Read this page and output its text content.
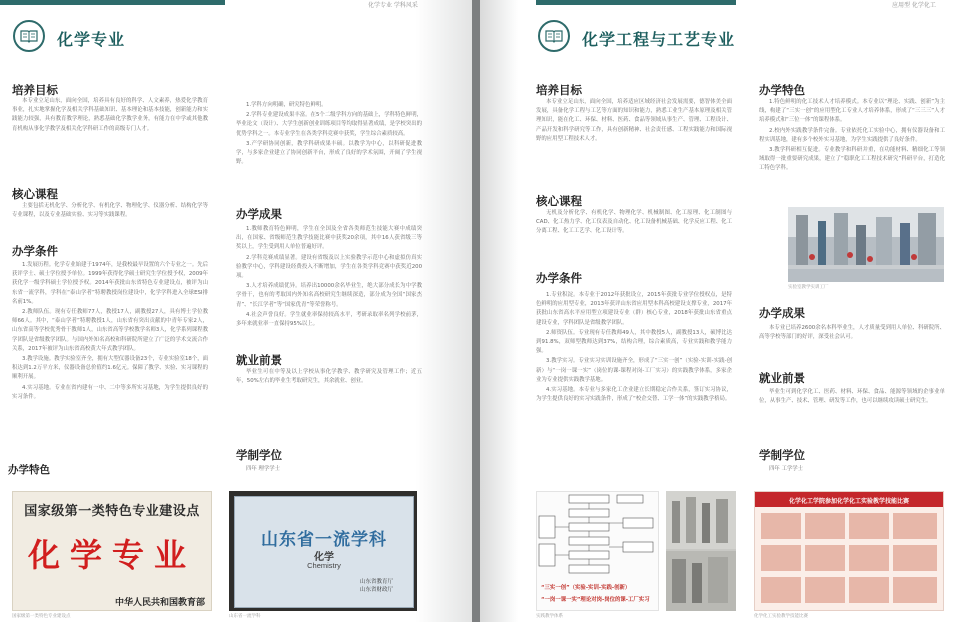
化学专业 学科风采
化学专业
培养目标

本专业立足山东，面向全国，培养具有良好的科学、人文素养，热爱化学教育事业，扎实地掌握化学及相关学科基础知识、基本理论和基本技能，创新能力和实践能力较强，具有教育教学理论，熟悉基础化学教学业务，有能力在中学或其他教育机构从事化学教学及相关化学科研工作的高级专门人才。

核心课程

主要包括无机化学、分析化学、有机化学、物理化学、仪器分析、结构化学等专业课程，以及专业基础实验、实习等实践课程。

办学条件

1.发展历程。化学专业始建于1974年，是我校最早设置的六个专业之一。先后获评学士、硕士学位授予单位。1999年获得化学硕士研究生学位授予权，2009年获化学一级学科硕士学位授予权。2014年获批山东省特色专业建设点，被评为山东省一流学科，学科在“泰山学者”特聘教授岗位建设中，化学学科进入全球ESI排名前1%。

2.教师队伍。现有专任教师77人，教授17人，副教授27人，具有博士学位教师66人。其中，“泰山学者”特聘教授1人，山东省有突出贡献的中青年专家2人，山东省高等学校优秀骨干教师1人，山东省高等学校教学名师3人，化学系列课程教学团队是省级教学团队。与国内外知名高校和科研院所建立了广泛的学术交流合作关系，2017年被评为山东省高校黄大年式教学团队。

3.教学设施。教学实验室齐全，拥有大型仪器设备23个，专业实验室18个，面积达到1.2万平方米，仪器设备总价值约1.6亿元。保障了教学、实验、实习课程的顺利开展。

4.实习基地。专业在省内建有一中、二中等多所实习基地，为学生提供良好的实习条件。

1.学科方向明确，研究特色鲜明。

2.学科专业建设成果丰富。在5个二级学科方向的基础上，学科特色鲜明，毕业论文（设计）、大学生创新创业训练项目等均取得显著成绩，是学校突出的优势学科之一。本专业学生在各类学科竞赛中获奖，学生综合素质较高。

3.产学研协同创新，教学科研成果丰硕。以教学为中心，以科研促进教学，与多家企业建立了协同创新平台，形成了良好的学术氛围，开阔了学生视野。

办学成果

1.教师教育特色鲜明，学生在全国及全省各类师范生技能大赛中成绩突出，在国家、省级师范生教学技能比赛中获奖20余项，其中16人获省级三等奖以上，学生受到用人单位普遍好评。

2.学科竞赛成绩显著。建设有省级及以上实验教学示范中心和虚拟仿真实验教学中心，学科建设经费投入不断增加，学生在各类学科竞赛中获奖近200项。

3.人才培养成绩优异。培养出10000余名毕业生，绝大部分成长为中学教学骨干，也有的考取国内外知名高校研究生继续深造，部分成为全国“国家杰青”、“长江学者”等“国家优青”等荣誉称号。

4.社会声誉良好。学生就业率保持较高水平，考研录取率名列学校前茅，多年来就业率一直保持95%以上。

就业前景

毕业生可在中等及以上学校从事化学教学、教学研究及管理工作；近五年，50%左右的毕业生考取研究生，其余就业、创业。

学制学位

四年 理学学士

办学特色
国家级第一类特色专业建设点
化学专业
中华人民共和国教育部
国家级第一类特色专业建设点
山东省一流学科
化学
Chemistry
山东省教育厅
山东省财政厅
山东省一流学科
应用型 化学化工
化学工程与工艺专业
培养目标

本专业立足山东，面向全国，培养适应区域经济社会发展需要，德智体美全面发展，具备化学工程与工艺等方面的知识和能力，熟悉工业生产基本原理及相关管理知识，能在化工、环保、材料、医药、食品等领域从事生产、管理、工程设计、产品开发和科学研究等工作，具有创新精神、社会责任感、工程实践能力和国际视野的应用型工程技术人才。

核心课程

无机及分析化学、有机化学、物理化学、机械制图、化工原理、化工制图与CAD、化工热力学、化工仪表及自动化、化工设备机械基础、化学反应工程、化工分离工程、化工工艺学、化工设计等。

办学条件

1.专业积淀。本专业于2012年获批设立，2015年获批专业学位授权点，是特色鲜明的应用型专业，2013年获评山东省应用型本科高校建设支撑专业，2017年获批山东省高水平应用型立项建设专业（群）核心专业，2018年获批山东省重点建设专业，学科团队是省级教学团队。

2.师资队伍。专业现有专任教师49人，其中教授5人，副教授13人，硕博比达到91.8%，双师型教师达到37%，结构合理，综合素质高，专业实践和教学能力强。

3.教学实习。专业实习实训设施齐全，形成了“三实一创”（实验-实训-实践-创新）与“一岗一课一实”（岗位的课-课程对岗-工厂实习）的实践教学体系，多家企业为专业提供实践教学基地。

4.实习基地。本专业与多家化工企业建立长期稳定合作关系，签订实习协议，为学生提供良好的实习实践条件，形成了“校企交替、工学一体”的实践教学格局。

办学特色

1.特色鲜明的化工技术人才培养模式。本专业以“理论、实践、创新”为主线，构建了“三实一创”的应用型化工专业人才培养体系，形成了“三三三”人才培养模式和“三位一体”的课程体系。

2.校内外实践教学条件完备。专业依托化工实验中心，拥有仪器设备和工程实训基地，建有多个校外实习基地，为学生实践提供了良好条件。

3.教学科研相互促进。专业教学和科研并重，在功能材料、精细化工等领域取得一批重要研究成果，建立了“稳职化工工程技术研究”科研平台，打造化工特色学科。

实验室教学实训工厂
办学成果

本专业已培养2600余名本科毕业生，人才质量受到用人单位、科研院所、高等学校等部门的好评，深受社会认可。

就业前景

毕业生可到化学化工、医药、材料、环保、食品、能源等领域的企事业单位，从事生产、技术、管理、研发等工作，也可以继续攻读硕士研究生。

学制学位

四年 工学学士

“三实一创”（实验-实训-实践-创新）
“一岗一课一实”理论对岗-岗位的课-工厂实习
实践教学体系
化学化工学院参加化学化工实验教学技能比赛
化学化工实验教学技能比赛
